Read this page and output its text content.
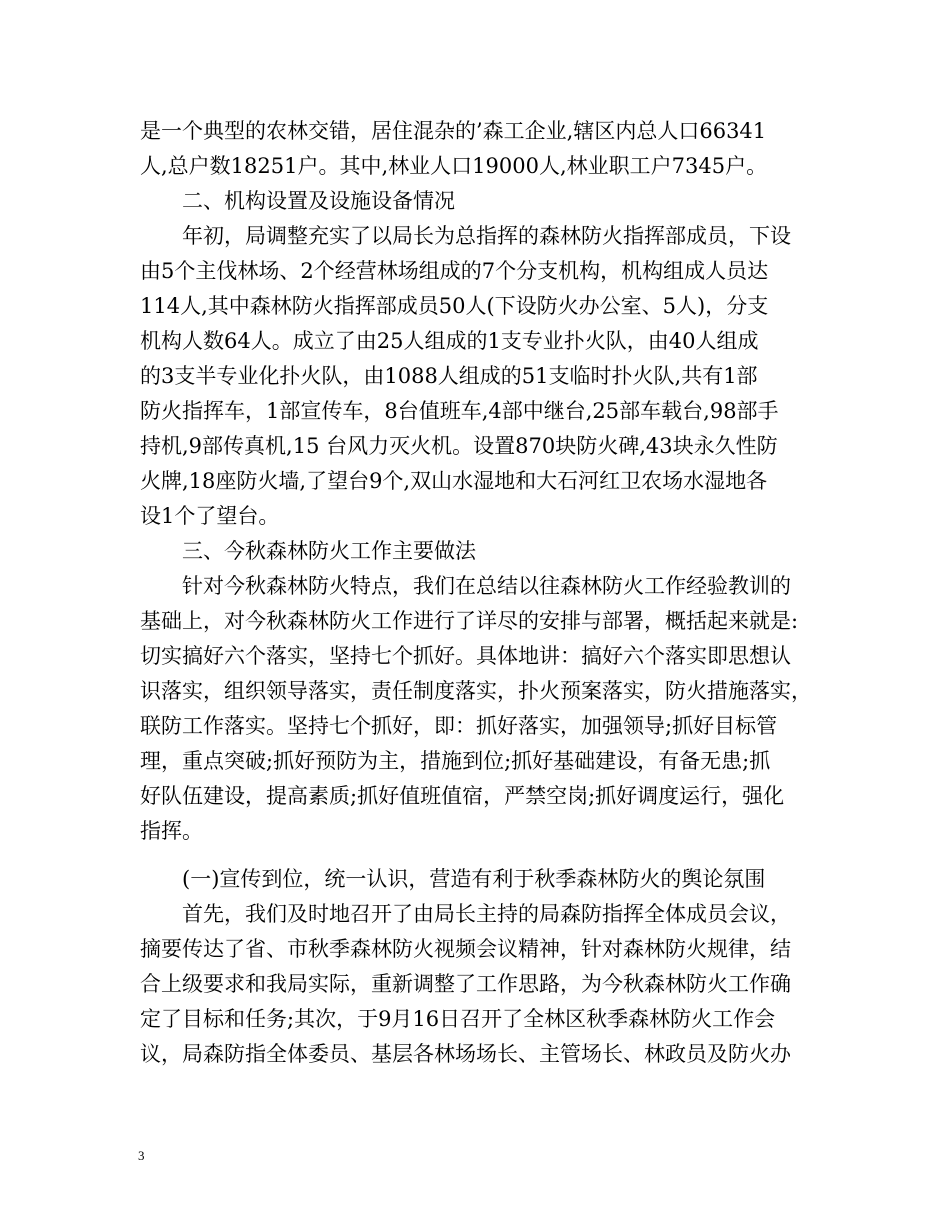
是一个典型的农林交错，居住混杂的’森工企业,辖区内总人口66341
人,总户数18251户。其中,林业人口19000人,林业职工户7345户。
二、机构设置及设施设备情况
年初，局调整充实了以局长为总指挥的森林防火指挥部成员，下设
由5个主伐林场、2个经营林场组成的7个分支机构，机构组成人员达
114人,其中森林防火指挥部成员50人(下设防火办公室、5人)，分支
机构人数64人。成立了由25人组成的1支专业扑火队，由40人组成
的3支半专业化扑火队，由1088人组成的51支临时扑火队,共有1部
防火指挥车，1部宣传车，8台值班车,4部中继台,25部车载台,98部手
持机,9部传真机,15 台风力灭火机。设置870块防火碑,43块永久性防
火牌,18座防火墙,了望台9个,双山水湿地和大石河红卫农场水湿地各
设1个了望台。
三、今秋森林防火工作主要做法
针对今秋森林防火特点，我们在总结以往森林防火工作经验教训的
基础上，对今秋森林防火工作进行了详尽的安排与部署，概括起来就是:
切实搞好六个落实，坚持七个抓好。具体地讲：搞好六个落实即思想认
识落实，组织领导落实，责任制度落实，扑火预案落实，防火措施落实，
联防工作落实。坚持七个抓好，即：抓好落实，加强领导;抓好目标管
理，重点突破;抓好预防为主，措施到位;抓好基础建设，有备无患;抓
好队伍建设，提高素质;抓好值班值宿，严禁空岗;抓好调度运行，强化
指挥。
(一)宣传到位，统一认识，营造有利于秋季森林防火的舆论氛围
首先，我们及时地召开了由局长主持的局森防指挥全体成员会议，
摘要传达了省、市秋季森林防火视频会议精神，针对森林防火规律，结
合上级要求和我局实际，重新调整了工作思路，为今秋森林防火工作确
定了目标和任务;其次，于9月16日召开了全林区秋季森林防火工作会
议，局森防指全体委员、基层各林场场长、主管场长、林政员及防火办
3
